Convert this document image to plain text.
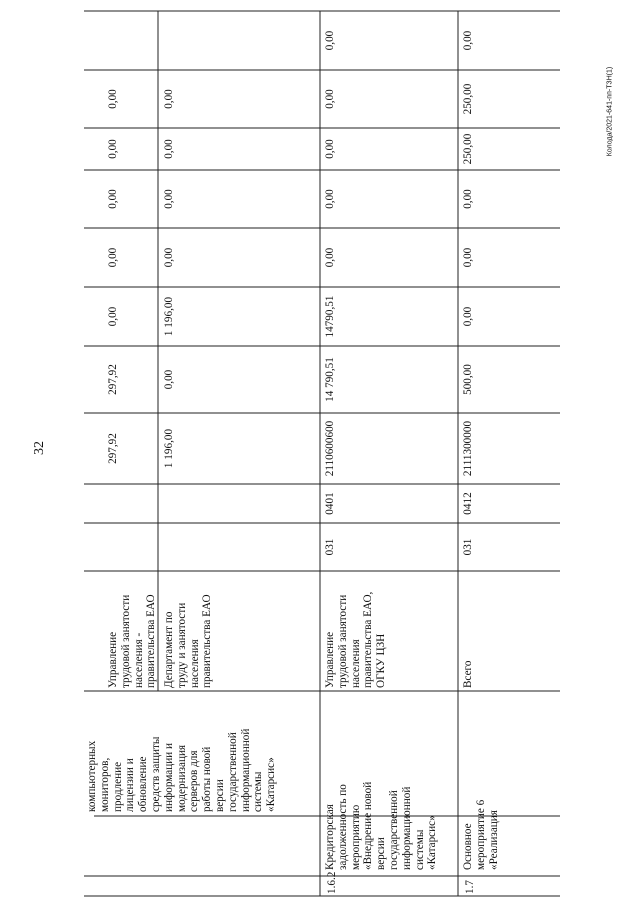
32
Колода/2021-641-пп-ТЗН(1)
компьютерных мониторов, продление лицензии и обновление средств защиты информации и модернизация серверов для работы новой версии государственной информационной системы «Катарсис»
Управление трудовой занятости населения - правительства ЕАО
297,92
297,92
0,00
0,00
0,00
0,00
0,00
Департамент по труду и занятости населения правительства ЕАО
1 196,00
0,00
1 196,00
0,00
0,00
0,00
0,00
1.6.2
Кредиторская задолженность по мероприятию «Внедрение новой версии государственной информационной системы «Катарсис»
Управление трудовой занятости населения правительства ЕАО, ОГКУ ЦЗН
031
0401
2110600600
14 790,51
14790,51
0,00
0,00
0,00
0,00
0,00
1.7
Основное мероприятие 6 «Реализация
Всего
031
0412
2111300000
500,00
0,00
0,00
0,00
250,00
250,00
0,00
